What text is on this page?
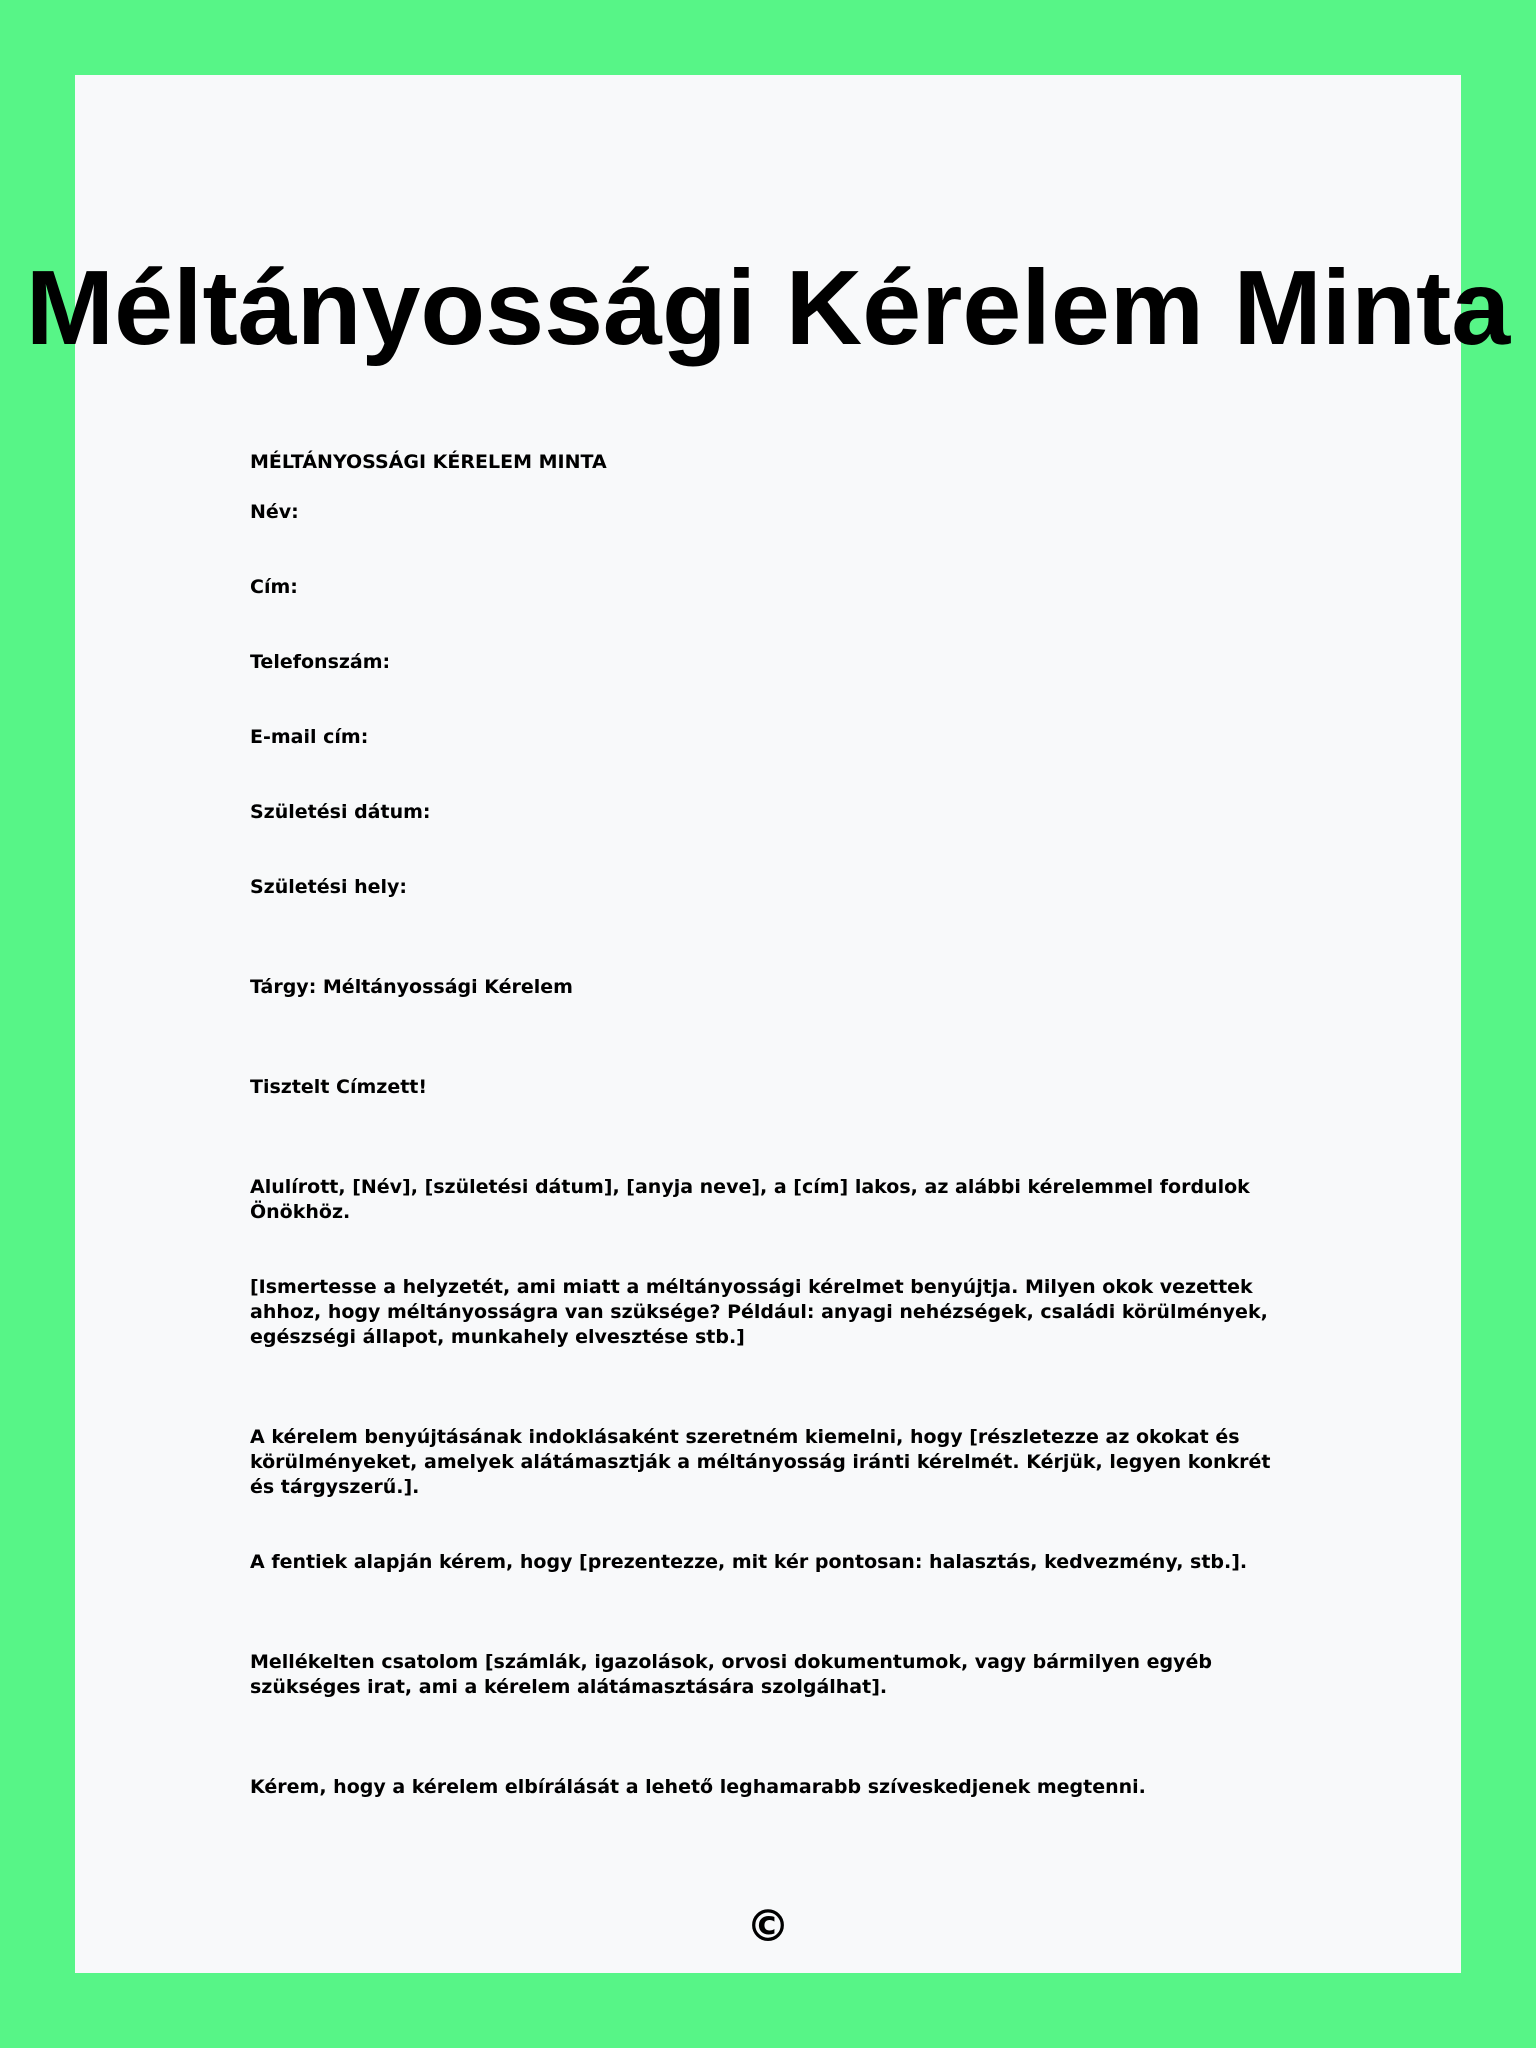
Méltányossági Kérelem Minta

MÉLTÁNYOSSÁGI KÉRELEM MINTA

Név:

Cím:

Telefonszám:

E-mail cím:

Születési dátum:

Születési hely:

Tárgy: Méltányossági Kérelem

Tisztelt Címzett!

Alulírott, [Név], [születési dátum], [anyja neve], a [cím] lakos, az alábbi kérelemmel fordulok Önökhöz.

[Ismertesse a helyzetét, ami miatt a méltányossági kérelmet benyújtja. Milyen okok vezettek ahhoz, hogy méltányosságra van szüksége? Például: anyagi nehézségek, családi körülmények, egészségi állapot, munkahely elvesztése stb.]

A kérelem benyújtásának indoklásaként szeretném kiemelni, hogy [részletezze az okokat és körülményeket, amelyek alátámasztják a méltányosság iránti kérelmét. Kérjük, legyen konkrét és tárgyszerű.].

A fentiek alapján kérem, hogy [prezentezze, mit kér pontosan: halasztás, kedvezmény, stb.].

Mellékelten csatolom [számlák, igazolások, orvosi dokumentumok, vagy bármilyen egyéb szükséges irat, ami a kérelem alátámasztására szolgálhat].

Kérem, hogy a kérelem elbírálását a lehető leghamarabb szíveskedjenek megtenni.

©
